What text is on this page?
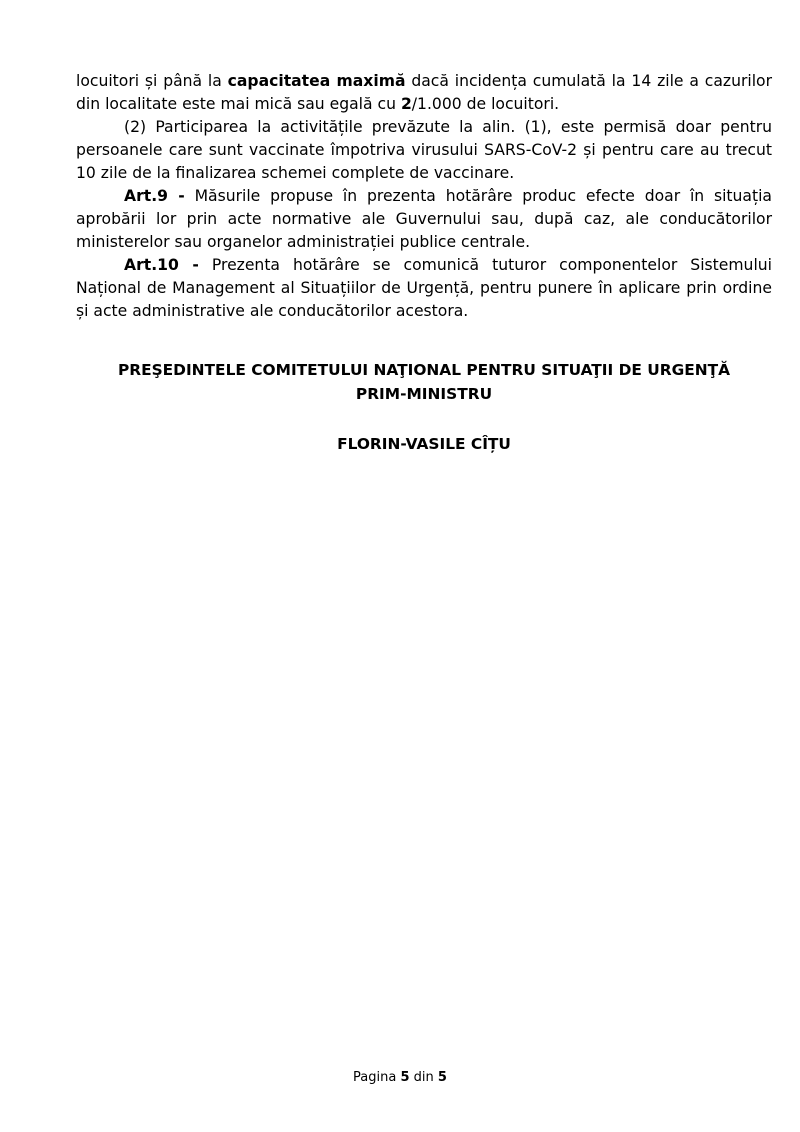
locuitori și până la capacitatea maximă dacă incidența cumulată la 14 zile a cazurilor din localitate este mai mică sau egală cu 2/1.000 de locuitori.

(2) Participarea la activitățile prevăzute la alin. (1), este permisă doar pentru persoanele care sunt vaccinate împotriva virusului SARS-CoV-2 și pentru care au trecut 10 zile de la finalizarea schemei complete de vaccinare.

Art.9 - Măsurile propuse în prezenta hotărâre produc efecte doar în situația aprobării lor prin acte normative ale Guvernului sau, după caz, ale conducătorilor ministerelor sau organelor administrației publice centrale.

Art.10 - Prezenta hotărâre se comunică tuturor componentelor Sistemului Național de Management al Situațiilor de Urgență, pentru punere în aplicare prin ordine și acte administrative ale conducătorilor acestora.

PREŞEDINTELE COMITETULUI NAŢIONAL PENTRU SITUAŢII DE URGENŢĂ
PRIM-MINISTRU
FLORIN-VASILE CÎȚU
Pagina 5 din 5
